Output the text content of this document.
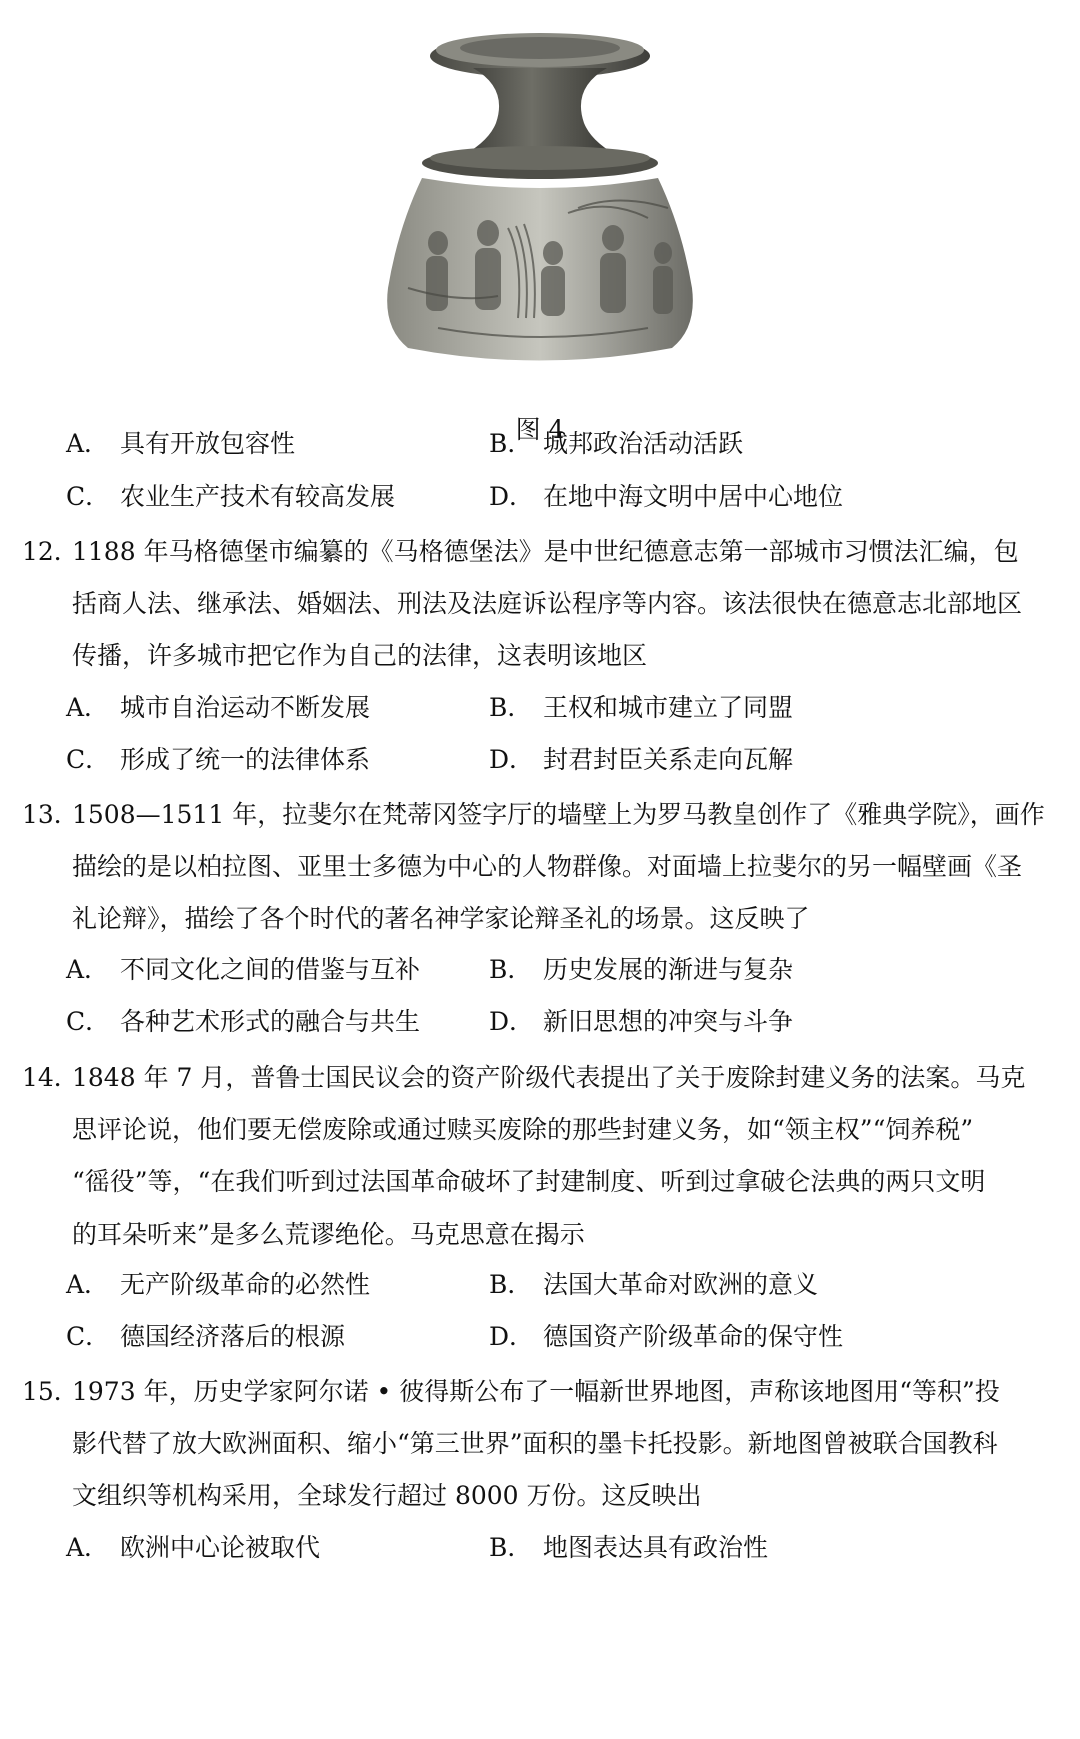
图 4
A． 具有开放包容性	B． 城邦政治活动活跃
C． 农业生产技术有较高发展	D． 在地中海文明中居中心地位
12．
1188 年马格德堡市编纂的《马格德堡法》是中世纪德意志第一部城市习惯法汇编，包
括商人法、继承法、婚姻法、刑法及法庭诉讼程序等内容。该法很快在德意志北部地区
传播，许多城市把它作为自己的法律，这表明该地区
A． 城市自治运动不断发展	B． 王权和城市建立了同盟
C． 形成了统一的法律体系	D． 封君封臣关系走向瓦解
13．
1508—1511 年，拉斐尔在梵蒂冈签字厅的墙壁上为罗马教皇创作了《雅典学院》，画作
描绘的是以柏拉图、亚里士多德为中心的人物群像。对面墙上拉斐尔的另一幅壁画《圣
礼论辩》，描绘了各个时代的著名神学家论辩圣礼的场景。这反映了
A． 不同文化之间的借鉴与互补	B． 历史发展的渐进与复杂
C． 各种艺术形式的融合与共生	D． 新旧思想的冲突与斗争
14．
1848 年 7 月，普鲁士国民议会的资产阶级代表提出了关于废除封建义务的法案。马克
思评论说，他们要无偿废除或通过赎买废除的那些封建义务，如“领主权”“饲养税”
“徭役”等，“在我们听到过法国革命破坏了封建制度、听到过拿破仑法典的两只文明
的耳朵听来”是多么荒谬绝伦。马克思意在揭示
A． 无产阶级革命的必然性	B． 法国大革命对欧洲的意义
C． 德国经济落后的根源	D． 德国资产阶级革命的保守性
15．
1973 年，历史学家阿尔诺 • 彼得斯公布了一幅新世界地图，声称该地图用“等积”投
影代替了放大欧洲面积、缩小“第三世界”面积的墨卡托投影。新地图曾被联合国教科
文组织等机构采用，全球发行超过 8000 万份。这反映出
A． 欧洲中心论被取代	B． 地图表达具有政治性
